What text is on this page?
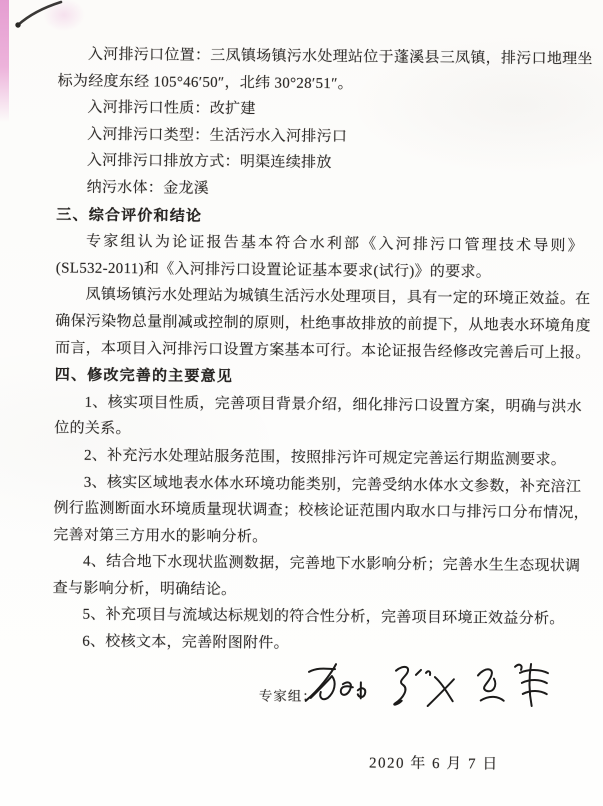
入河排污口位置：三凤镇场镇污水处理站位于蓬溪县三凤镇，排污口地理坐
标为经度东经 105°46′50″，北纬 30°28′51″。
入河排污口性质：改扩建
入河排污口类型：生活污水入河排污口
入河排污口排放方式：明渠连续排放
纳污水体：金龙溪
三、综合评价和结论
专家组认为论证报告基本符合水利部《入河排污口管理技术导则》
(SL532-2011)和《入河排污口设置论证基本要求(试行)》的要求。
凤镇场镇污水处理站为城镇生活污水处理项目，具有一定的环境正效益。在
确保污染物总量削减或控制的原则，杜绝事故排放的前提下，从地表水环境角度
而言，本项目入河排污口设置方案基本可行。本论证报告经修改完善后可上报。
四、修改完善的主要意见
1、核实项目性质，完善项目背景介绍，细化排污口设置方案，明确与洪水
位的关系。
2、补充污水处理站服务范围，按照排污许可规定完善运行期监测要求。
3、核实区域地表水体水环境功能类别，完善受纳水体水文参数，补充涪江
例行监测断面水环境质量现状调查；校核论证范围内取水口与排污口分布情况，
完善对第三方用水的影响分析。
4、结合地下水现状监测数据，完善地下水影响分析；完善水生生态现状调
查与影响分析，明确结论。
5、补充项目与流域达标规划的符合性分析，完善项目环境正效益分析。
6、校核文本，完善附图附件。
专家组：
2020 年 6 月 7 日
